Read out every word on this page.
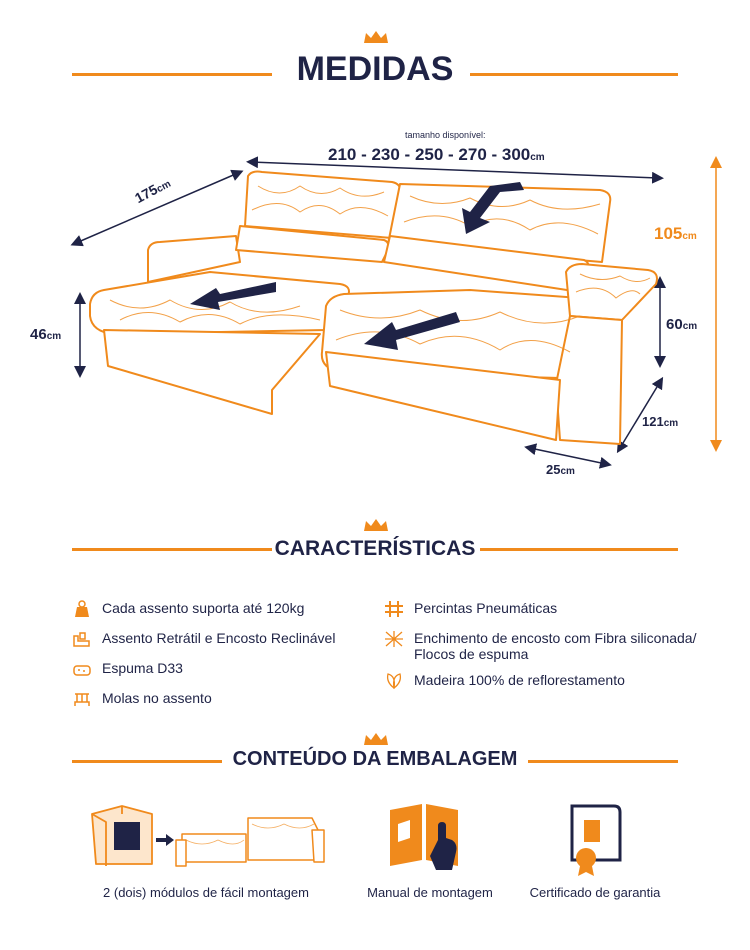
MEDIDAS
tamanho disponível:
210 - 230 - 250 - 270 - 300cm
175cm
105cm
46cm
60cm
121cm
25cm
CARACTERÍSTICAS
Cada assento suporta até 120kg
Assento Retrátil e Encosto Reclinável
Espuma D33
Molas no assento
Percintas Pneumáticas
Enchimento de encosto com Fibra siliconada/ Flocos de espuma
Madeira 100% de reflorestamento
CONTEÚDO DA EMBALAGEM
2 (dois) módulos de fácil montagem	Manual de montagem	Certificado de garantia
